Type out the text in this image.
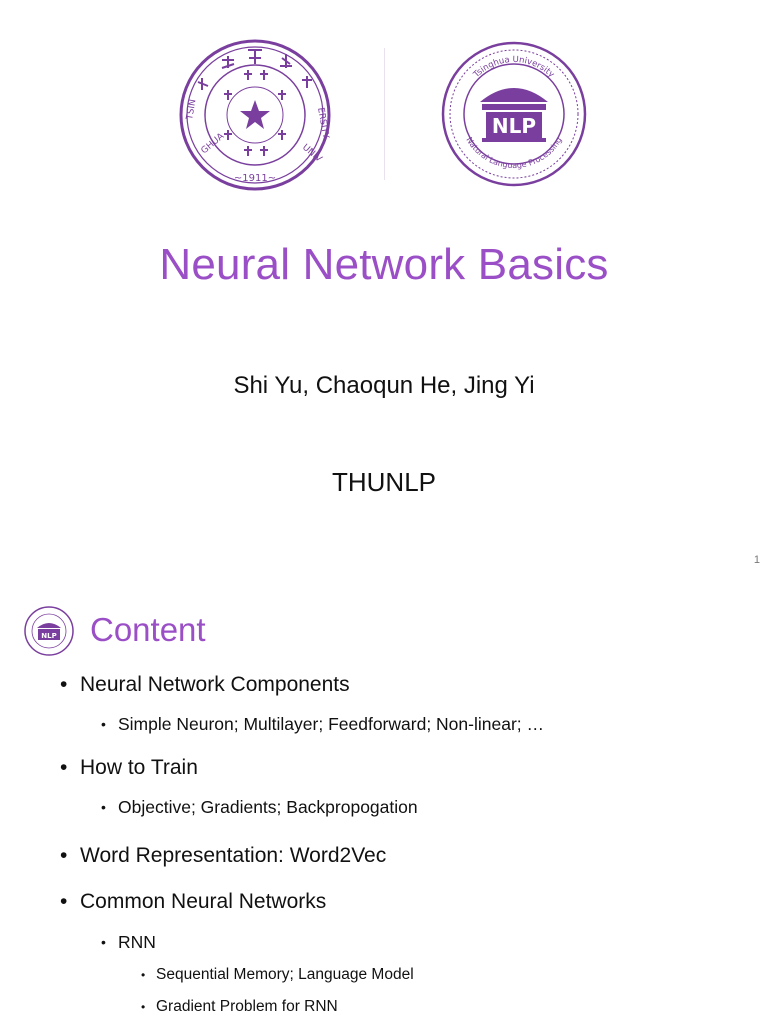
TSIN
GHUA	UNIV
ERSITY
~1911~
NLP
Tsinghua University
Natural Language Processing
Neural Network Basics
Shi Yu, Chaoqun He, Jing Yi
THUNLP
1
NLP Content
• Neural Network Components
• Simple Neuron; Multilayer; Feedforward; Non-linear; …
• How to Train
• Objective; Gradients; Backpropogation
• Word Representation: Word2Vec
• Common Neural Networks
• RNN
• Sequential Memory; Language Model
• Gradient Problem for RNN
